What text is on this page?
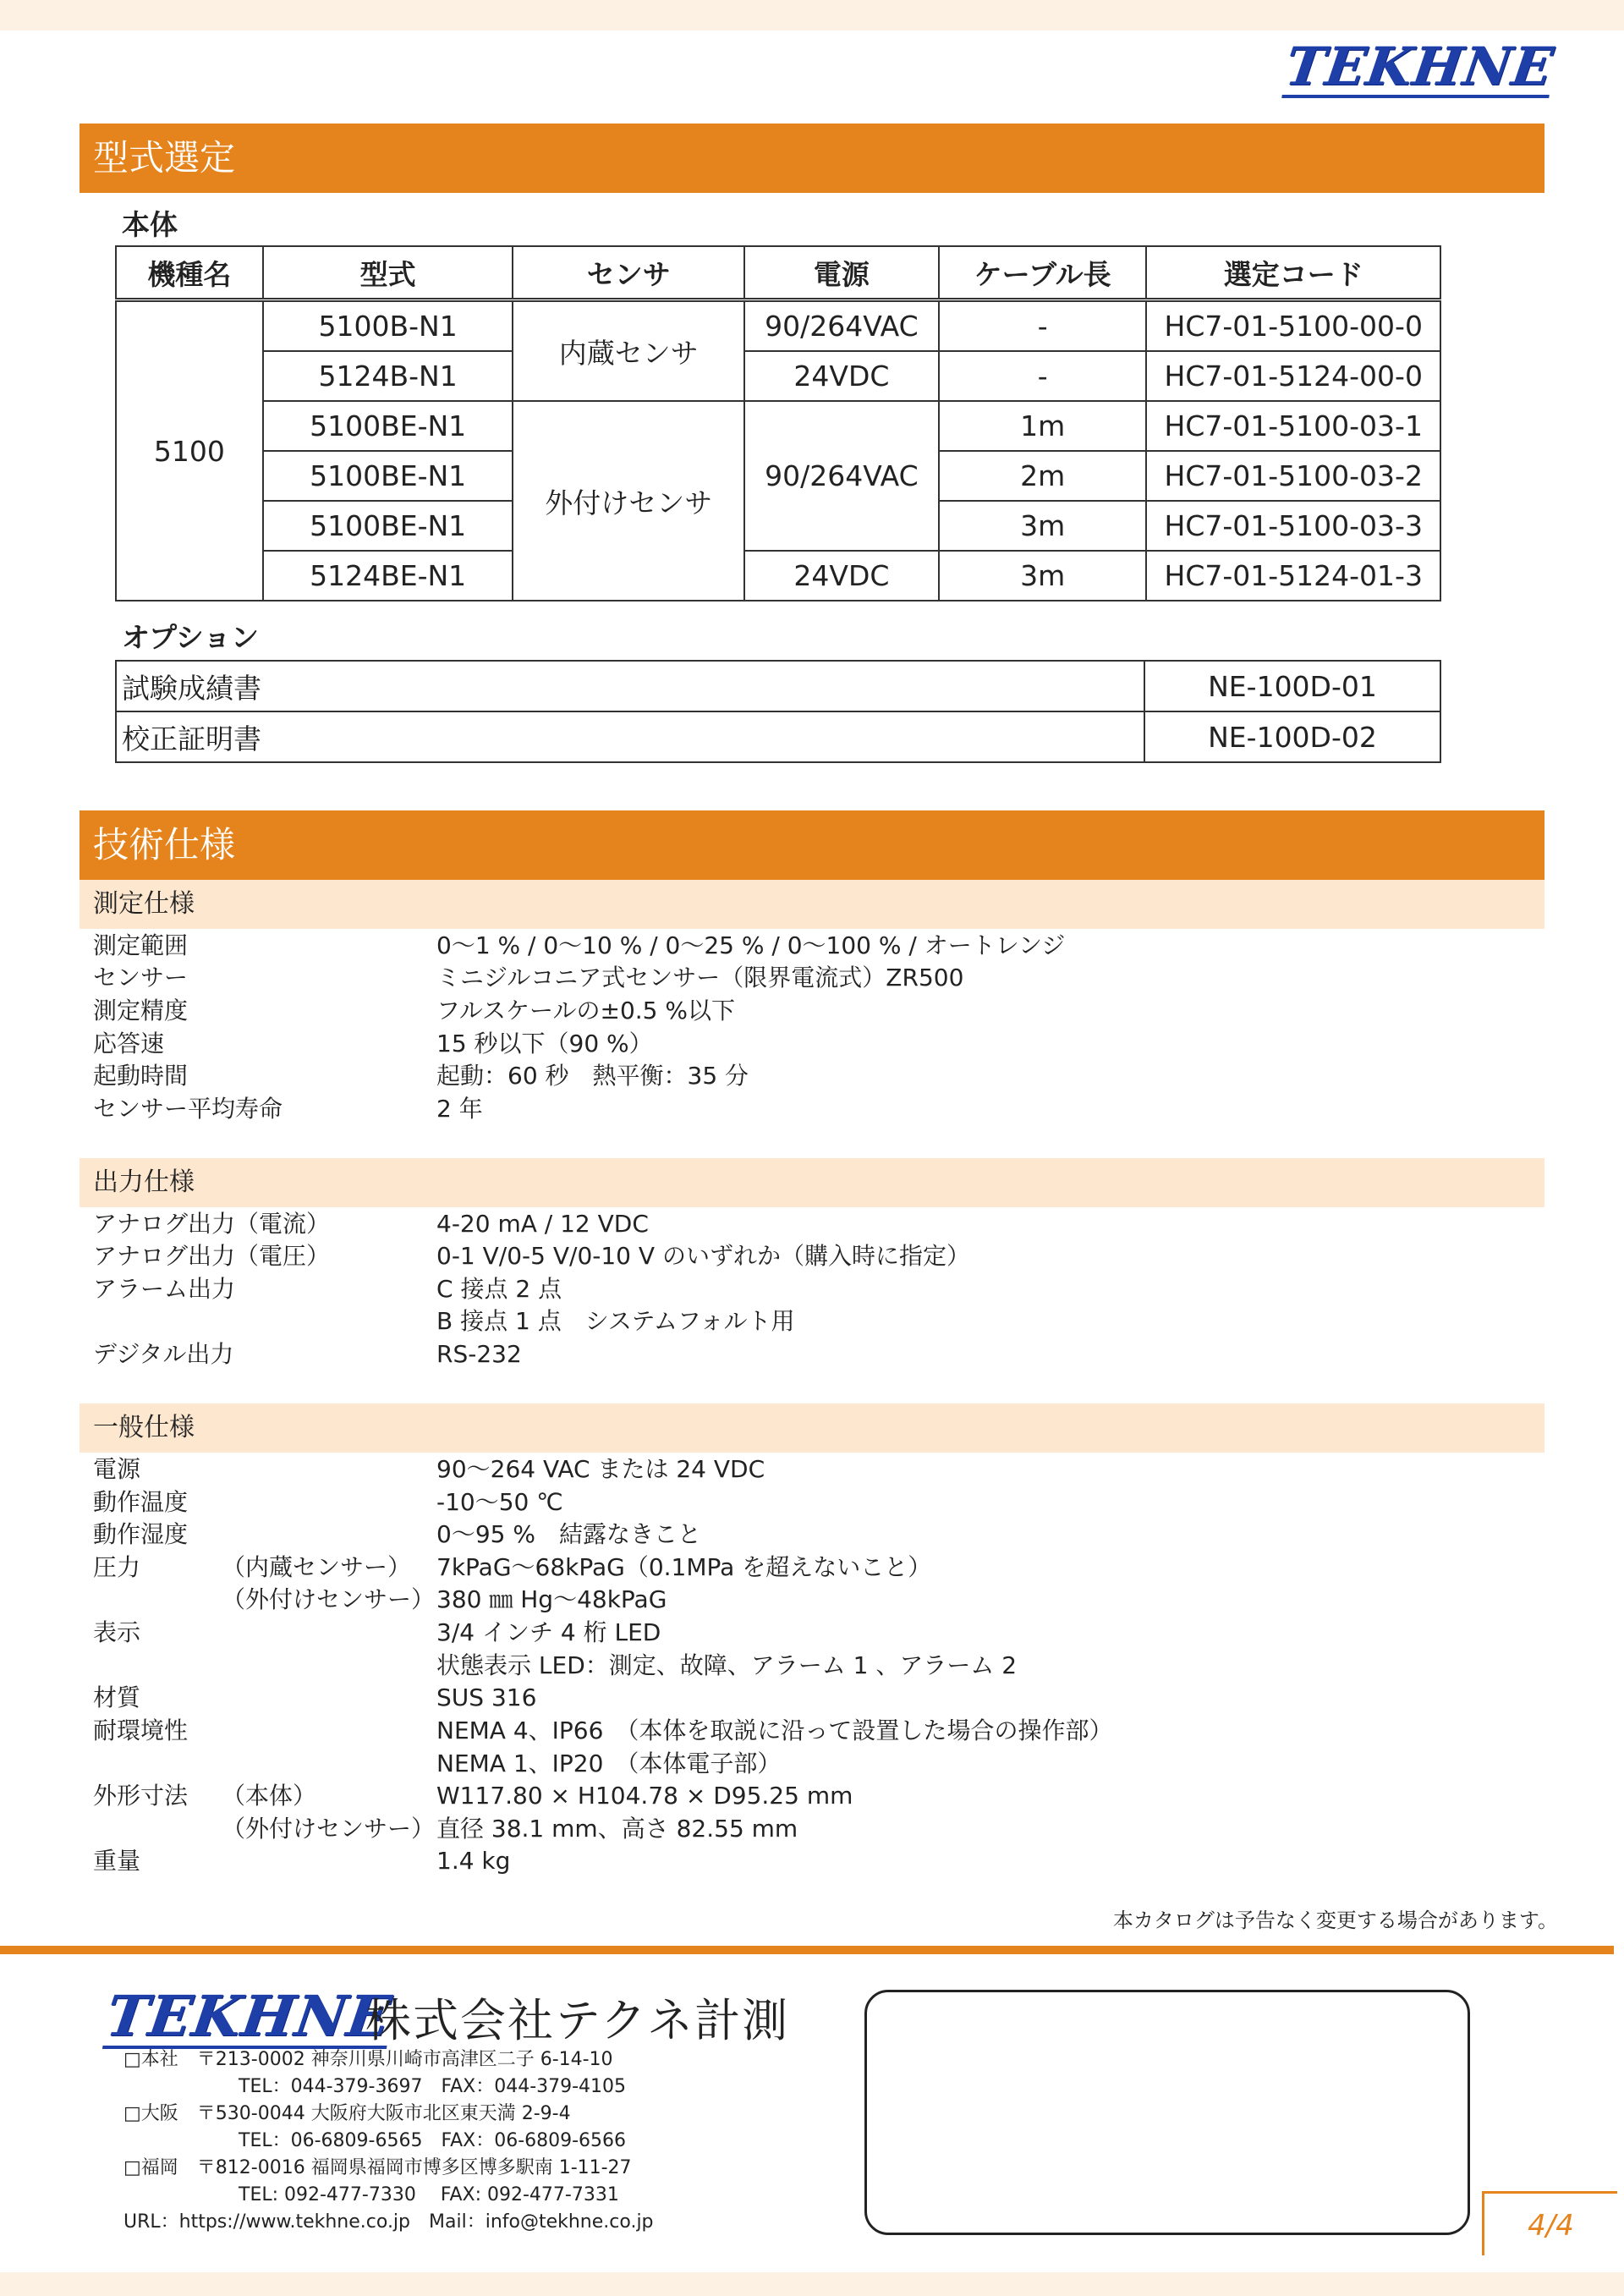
TEKHNE
型式選定
本体
機種名	型式	センサ	電源	ケーブル長	選定コード
5100	5100B-N1	内蔵センサ	90/264VAC	-	HC7-01-5100-00-0
	5124B-N1		24VDC	-	HC7-01-5124-00-0
	5100BE-N1	外付けセンサ	90/264VAC	1m	HC7-01-5100-03-1
	5100BE-N1			2m	HC7-01-5100-03-2
	5100BE-N1			3m	HC7-01-5100-03-3
	5124BE-N1		24VDC	3m	HC7-01-5124-01-3
オプション
試験成績書	NE-100D-01
校正証明書	NE-100D-02
技術仕様
測定仕様
測定範囲	0～1 % / 0～10 % / 0～25 % / 0～100 % / オートレンジ
センサー	ミニジルコニア式センサー（限界電流式）ZR500
測定精度	フルスケールの±0.5 %以下
応答速	15 秒以下（90 %）
起動時間	起動：60 秒　熱平衡：35 分
センサー平均寿命	2 年
出力仕様
アナログ出力（電流）	4-20 mA / 12 VDC
アナログ出力（電圧）	0-1 V/0-5 V/0-10 V のいずれか（購入時に指定）
アラーム出力	C 接点 2 点
B 接点 1 点　システムフォルト用
デジタル出力	RS-232
一般仕様
電源	90～264 VAC または 24 VDC
動作温度	-10～50 ℃
動作湿度	0～95 %　結露なきこと
圧力	（内蔵センサー） 7kPaG～68kPaG（0.1MPa を超えないこと）
（外付けセンサー） 380 ㎜ Hg～48kPaG
表示	3/4 インチ 4 桁 LED
状態表示 LED：測定、故障、アラーム 1 、アラーム 2
材質	SUS 316
耐環境性	NEMA 4、IP66　（本体を取説に沿って設置した場合の操作部）
NEMA 1、IP20　（本体電子部）
外形寸法 （本体）	W117.80 × H104.78 × D95.25 mm
（外付けセンサー） 直径 38.1 mm、高さ 82.55 mm
重量	1.4 kg
本カタログは予告なく変更する場合があります。
TEKHNE
株式会社テクネ計測
□本社　〒213-0002 神奈川県川崎市高津区二子 6-14-10
TEL：044-379-3697　FAX：044-379-4105
□大阪　〒530-0044 大阪府大阪市北区東天満 2-9-4
TEL：06-6809-6565　FAX：06-6809-6566
□福岡　〒812-0016 福岡県福岡市博多区博多駅南 1-11-27
TEL: 092-477-7330　 FAX: 092-477-7331
URL：https://www.tekhne.co.jp　Mail：info@tekhne.co.jp	4/4
